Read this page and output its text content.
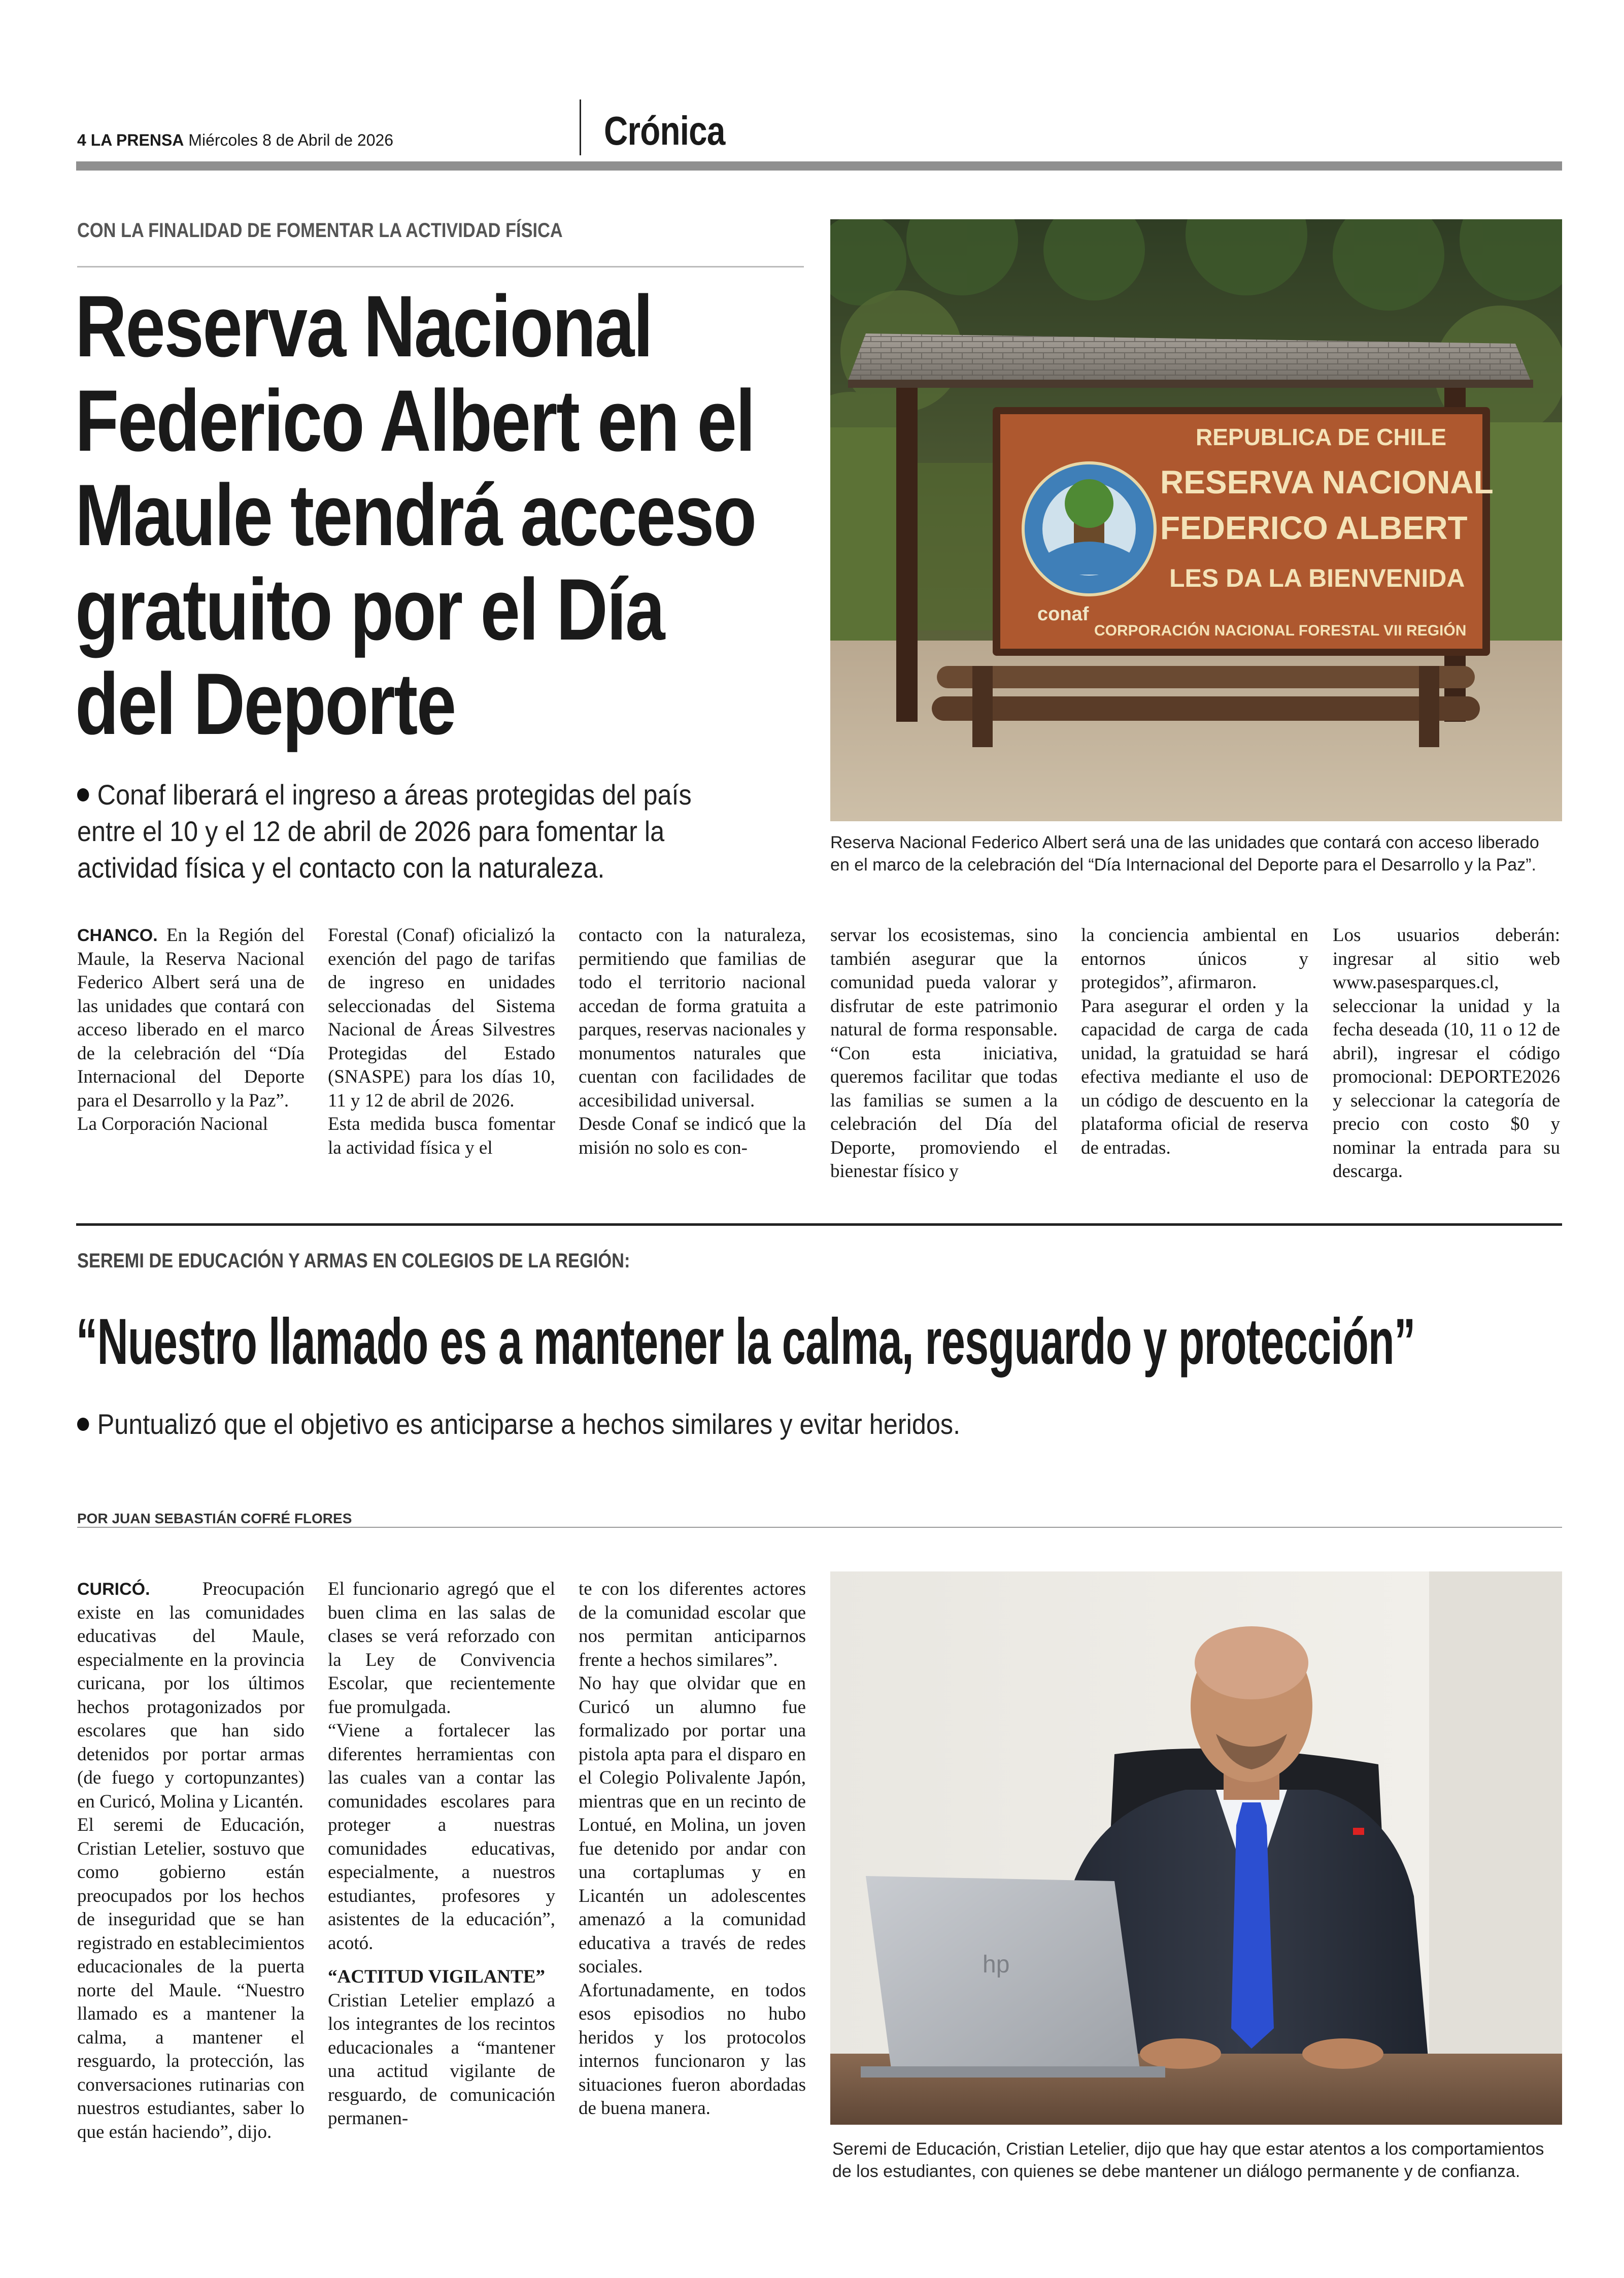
4 LA PRENSA Miércoles 8 de Abril de 2026	Crónica
CON LA FINALIDAD DE FOMENTAR LA ACTIVIDAD FÍSICA
Reserva Nacional
Federico Albert en el
Maule tendrá acceso
gratuito por el Día
del Deporte
Conaf liberará el ingreso a áreas protegidas del país
entre el 10 y el 12 de abril de 2026 para fomentar la
actividad física y el contacto con la naturaleza.
conaf
REPUBLICA DE CHILE
RESERVA NACIONAL
FEDERICO ALBERT
LES DA LA BIENVENIDA
CORPORACIÓN NACIONAL FORESTAL VII REGIÓN
Reserva Nacional Federico Albert será una de las unidades que contará con acceso liberado
en el marco de la celebración del “Día Internacional del Deporte para el Desarrollo y la Paz”.

CHANCO. En la Región del Maule, la Reserva Nacional Federico Albert será una de las unidades que contará con acceso liberado en el marco de la celebración del “Día Internacional del Deporte para el Desarrollo y la Paz”.

La Corporación Nacional

Forestal (Conaf) oficializó la exención del pago de tarifas de ingreso en unidades seleccionadas del Sistema Nacional de Áreas Silvestres Protegidas del Estado (SNASPE) para los días 10, 11 y 12 de abril de 2026.

Esta medida busca fomentar la actividad física y el

contacto con la naturaleza, permitiendo que familias de todo el territorio nacional accedan de forma gratuita a parques, reservas nacionales y monumentos naturales que cuentan con facilidades de accesibilidad universal.

Desde Conaf se indicó que la misión no solo es con-

servar los ecosistemas, sino también asegurar que la comunidad pueda valorar y disfrutar de este patrimonio natural de forma responsable. “Con esta iniciativa, queremos facilitar que todas las familias se sumen a la celebración del Día del Deporte, promoviendo el bienestar físico y

la conciencia ambiental en entornos únicos y protegidos”, afirmaron.

Para asegurar el orden y la capacidad de carga de cada unidad, la gratuidad se hará efectiva mediante el uso de un código de descuento en la plataforma oficial de reserva de entradas.

Los usuarios deberán: ingresar al sitio web www.pasesparques.cl, seleccionar la unidad y la fecha deseada (10, 11 o 12 de abril), ingresar el código promocional: DEPORTE2026 y seleccionar la categoría de precio con costo $0 y nominar la entrada para su descarga.

SEREMI DE EDUCACIÓN Y ARMAS EN COLEGIOS DE LA REGIÓN:
“Nuestro llamado es a mantener la calma, resguardo y protección”
Puntualizó que el objetivo es anticiparse a hechos similares y evitar heridos.
POR JUAN SEBASTIÁN COFRÉ FLORES

CURICÓ.	Preocupación existe en las comunidades educativas del Maule, especialmente en la provincia curicana, por los últimos hechos protagonizados por escolares que han sido detenidos por portar armas (de fuego y cortopunzantes) en Curicó, Molina y Licantén.

El seremi de Educación, Cristian Letelier, sostuvo que como gobierno están preocupados por los hechos de inseguridad que se han registrado en establecimientos educacionales de la puerta norte del Maule. “Nuestro llamado es a mantener la calma, a mantener el resguardo, la protección, las conversaciones rutinarias con nuestros estudiantes, saber lo que están haciendo”, dijo.

El funcionario agregó que el buen clima en las salas de clases se verá reforzado con la Ley de Convivencia Escolar, que recientemente fue promulgada.

“Viene a fortalecer las diferentes herramientas con las cuales van a contar las comunidades escolares para proteger a nuestras comunidades educativas, especialmente, a nuestros estudiantes, profesores y asistentes de la educación”, acotó.

“ACTITUD VIGILANTE”

Cristian Letelier emplazó a los integrantes de los recintos educacionales a “mantener una actitud vigilante de resguardo, de comunicación permanen-

te con los diferentes actores de la comunidad escolar que nos permitan anticiparnos frente a hechos similares”.

No hay que olvidar que en Curicó un alumno fue formalizado por portar una pistola apta para el disparo en el Colegio Polivalente Japón, mientras que en un recinto de Lontué, en Molina, un joven fue detenido por andar con una cortaplumas y en Licantén un adolescentes amenazó a la comunidad educativa a través de redes sociales.

Afortunadamente, en todos esos episodios no hubo heridos y los protocolos internos funcionaron y las situaciones fueron abordadas de buena manera.

hp
Seremi de Educación, Cristian Letelier, dijo que hay que estar atentos a los comportamientos
de los estudiantes, con quienes se debe mantener un diálogo permanente y de confianza.
